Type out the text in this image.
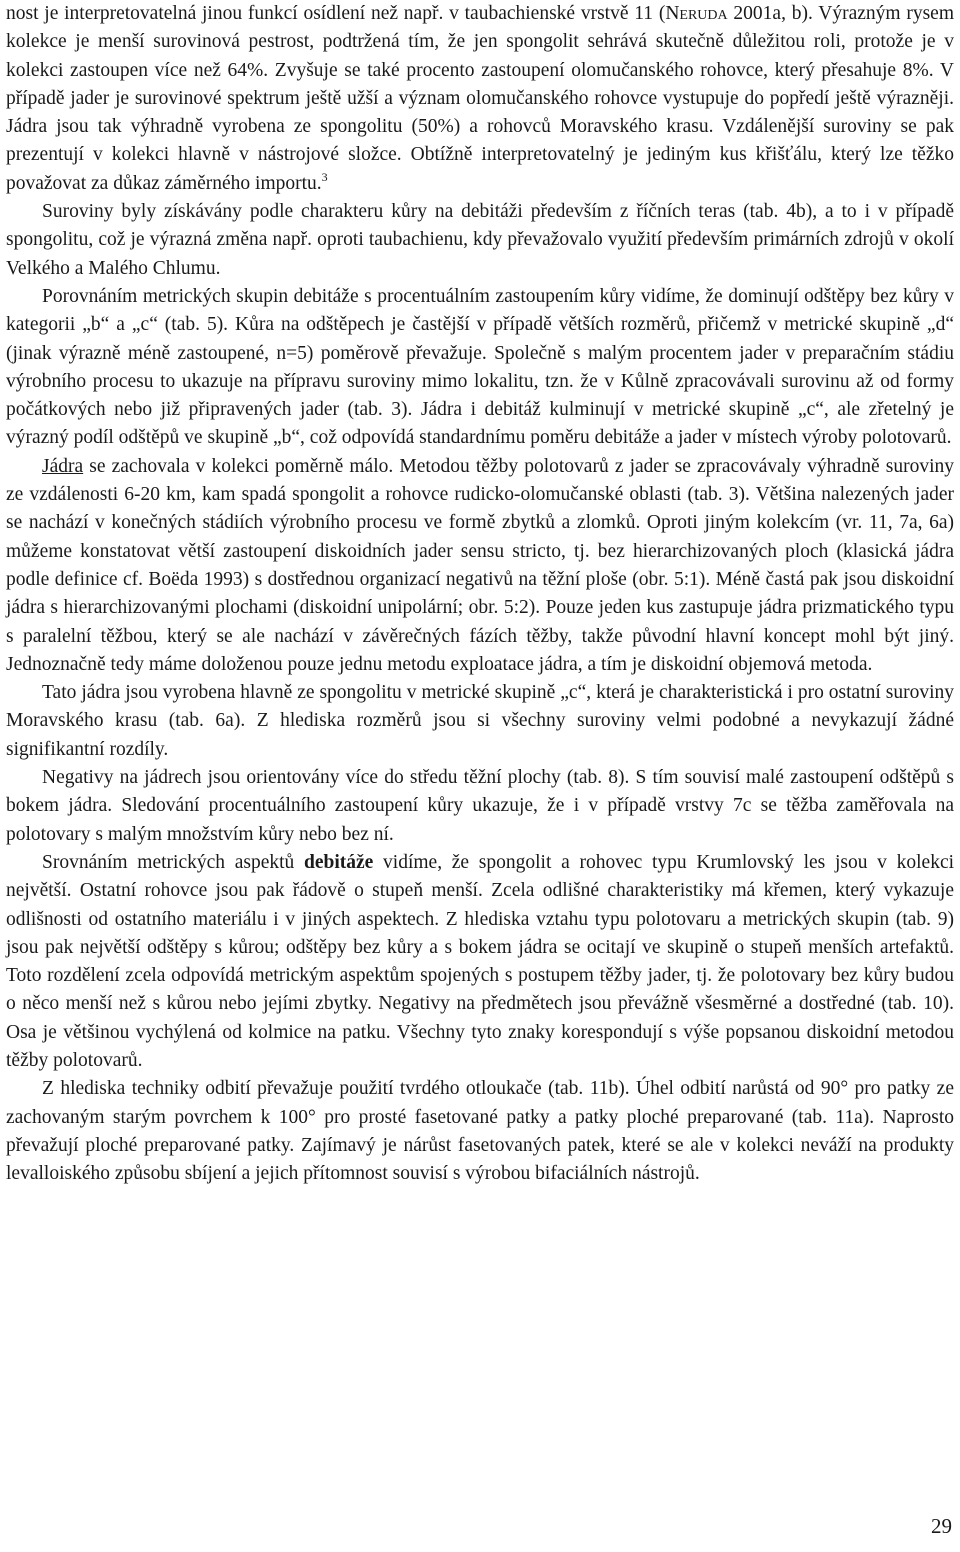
nost je interpretovatelná jinou funkcí osídlení než např. v taubachienské vrstvě 11 (Neruda 2001a, b). Výrazným rysem kolekce je menší surovinová pestrost, podtržená tím, že jen spongolit sehrává skutečně důležitou roli, protože je v kolekci zastoupen více než 64%. Zvyšuje se také procento zastoupení olomučanského rohovce, který přesahuje 8%. V případě jader je surovinové spektrum ještě užší a význam olomučanského rohovce vystupuje do popředí ještě výrazněji. Jádra jsou tak výhradně vyrobena ze spongolitu (50%) a rohovců Moravského krasu. Vzdálenější suroviny se pak prezentují v kolekci hlavně v nástrojové složce. Obtížně interpretovatelný je jediným kus křišťálu, který lze těžko považovat za důkaz záměrného importu.$^3$

Suroviny byly získávány podle charakteru kůry na debitáži především z říčních teras (tab. 4b), a to i v případě spongolitu, což je výrazná změna např. oproti taubachienu, kdy převažovalo využití především primárních zdrojů v okolí Velkého a Malého Chlumu.

Porovnáním metrických skupin debitáže s procentuálním zastoupením kůry vidíme, že dominují odštěpy bez kůry v kategorii „b“ a „c“ (tab. 5). Kůra na odštěpech je častější v případě větších rozměrů, přičemž v metrické skupině „d“ (jinak výrazně méně zastoupené, n=5) poměrově převažuje. Společně s malým procentem jader v preparačním stádiu výrobního procesu to ukazuje na přípravu suroviny mimo lokalitu, tzn. že v Kůlně zpracovávali surovinu až od formy počátkových nebo již připravených jader (tab. 3). Jádra i debitáž kulminují v metrické skupině „c“, ale zřetelný je výrazný podíl odštěpů ve skupině „b“, což odpovídá standardnímu poměru debitáže a jader v místech výroby polotovarů.

Jádra se zachovala v kolekci poměrně málo. Metodou těžby polotovarů z jader se zpracovávaly výhradně suroviny ze vzdálenosti 6-20 km, kam spadá spongolit a rohovce rudicko-olomučanské oblasti (tab. 3). Většina nalezených jader se nachází v konečných stádiích výrobního procesu ve formě zbytků a zlomků. Oproti jiným kolekcím (vr. 11, 7a, 6a) můžeme konstatovat větší zastoupení diskoidních jader sensu stricto, tj. bez hierarchizovaných ploch (klasická jádra podle definice cf. Boëda 1993) s dostřednou organizací negativů na těžní ploše (obr. 5:1). Méně častá pak jsou diskoidní jádra s hierarchizovanými plochami (diskoidní unipolární; obr. 5:2). Pouze jeden kus zastupuje jádra prizmatického typu s paralelní těžbou, který se ale nachází v závěrečných fázích těžby, takže původní hlavní koncept mohl být jiný. Jednoznačně tedy máme doloženou pouze jednu metodu exploatace jádra, a tím je diskoidní objemová metoda.

Tato jádra jsou vyrobena hlavně ze spongolitu v metrické skupině „c“, která je charakteristická i pro ostatní suroviny Moravského krasu (tab. 6a). Z hlediska rozměrů jsou si všechny suroviny velmi podobné a nevykazují žádné signifikantní rozdíly.

Negativy na jádrech jsou orientovány více do středu těžní plochy (tab. 8). S tím souvisí malé zastoupení odštěpů s bokem jádra. Sledování procentuálního zastoupení kůry ukazuje, že i v případě vrstvy 7c se těžba zaměřovala na polotovary s malým množstvím kůry nebo bez ní.

Srovnáním metrických aspektů debitáže vidíme, že spongolit a rohovec typu Krumlovský les jsou v kolekci největší. Ostatní rohovce jsou pak řádově o stupeň menší. Zcela odlišné charakteristiky má křemen, který vykazuje odlišnosti od ostatního materiálu i v jiných aspektech. Z hlediska vztahu typu polotovaru a metrických skupin (tab. 9) jsou pak největší odštěpy s kůrou; odštěpy bez kůry a s bokem jádra se ocitají ve skupině o stupeň menších artefaktů. Toto rozdělení zcela odpovídá metrickým aspektům spojených s postupem těžby jader, tj. že polotovary bez kůry budou o něco menší než s kůrou nebo jejími zbytky. Negativy na předmětech jsou převážně všesměrné a dostředné (tab. 10). Osa je většinou vychýlená od kolmice na patku. Všechny tyto znaky korespondují s výše popsanou diskoidní metodou těžby polotovarů.

Z hlediska techniky odbití převažuje použití tvrdého otloukače (tab. 11b). Úhel odbití narůstá od 90° pro patky ze zachovaným starým povrchem k 100° pro prosté fasetované patky a patky ploché preparované (tab. 11a). Naprosto převažují ploché preparované patky. Zajímavý je nárůst fasetovaných patek, které se ale v kolekci neváží na produkty levalloiského způsobu sbíjení a jejich přítomnost souvisí s výrobou bifaciálních nástrojů.

29
